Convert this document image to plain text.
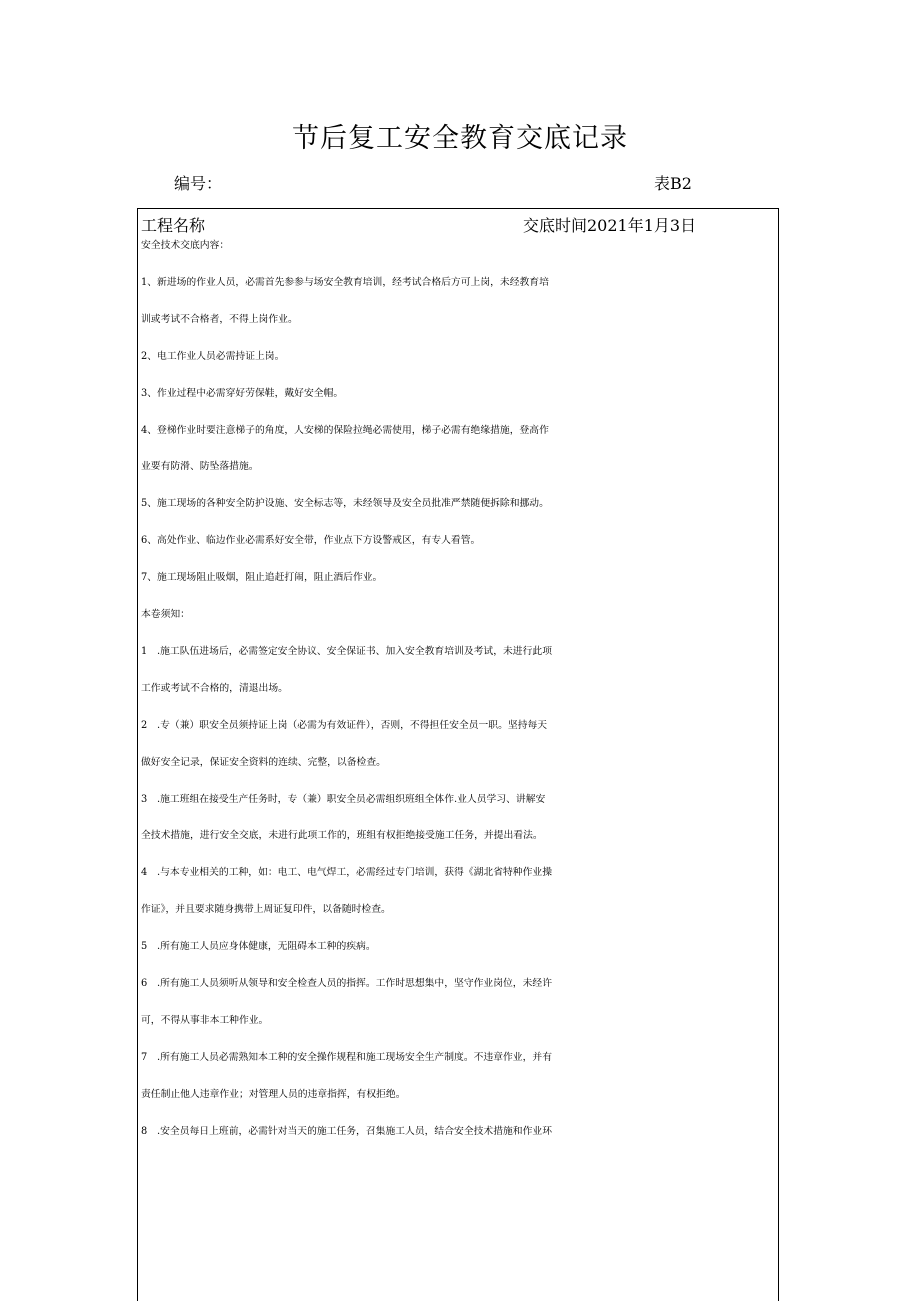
节后复工安全教育交底记录
编号：	表B2
工程名称	交底时间2021年1月3日
安全技术交底内容：
1、新进场的作业人员，必需首先参参与场安全教育培训，经考试合格后方可上岗，未经教育培
训或考试不合格者，不得上岗作业。
2、电工作业人员必需持证上岗。
3、作业过程中必需穿好劳保鞋，戴好安全帽。
4、登梯作业时要注意梯子的角度，人安梯的保险拉绳必需使用，梯子必需有绝缘措施，登高作
业要有防滑、防坠落措施。
5、施工现场的各种安全防护设施、安全标志等，未经领导及安全员批准严禁随便拆除和挪动。
6、高处作业、临边作业必需系好安全带，作业点下方设警戒区，有专人看管。
7、施工现场阻止吸烟，阻止追赶打闹，阻止酒后作业。
本卷须知：
1 .施工队伍进场后，必需签定安全协议、安全保证书、加入安全教育培训及考试，未进行此项
工作或考试不合格的，清退出场。
2 .专（兼）职安全员须持证上岗（必需为有效证件），否则，不得担任安全员一职。坚持每天
做好安全记录，保证安全资料的连续、完整，以备检查。
3 .施工班组在接受生产任务时，专（兼）职安全员必需组织班组全体作.业人员学习、讲解安
全技术措施，进行安全交底，未进行此项工作的，班组有权拒绝接受施工任务，并提出看法。
4 .与本专业相关的工种，如：电工、电气焊工，必需经过专门培训，获得《湖北省特种作业操
作证》，并且要求随身携带上周证复印件，以备随时检查。
5 .所有施工人员应身体健康，无阻碍本工种的疾病。
6 .所有施工人员须听从领导和安全检查人员的指挥。工作时思想集中，坚守作业岗位，未经许
可，不得从事非本工种作业。
7 .所有施工人员必需熟知本工种的安全操作规程和施工现场安全生产制度。不违章作业，并有
责任制止他人违章作业；对管理人员的违章指挥，有权拒绝。
8 .安全员每日上班前，必需针对当天的施工任务，召集施工人员，结合安全技术措施和作业环
